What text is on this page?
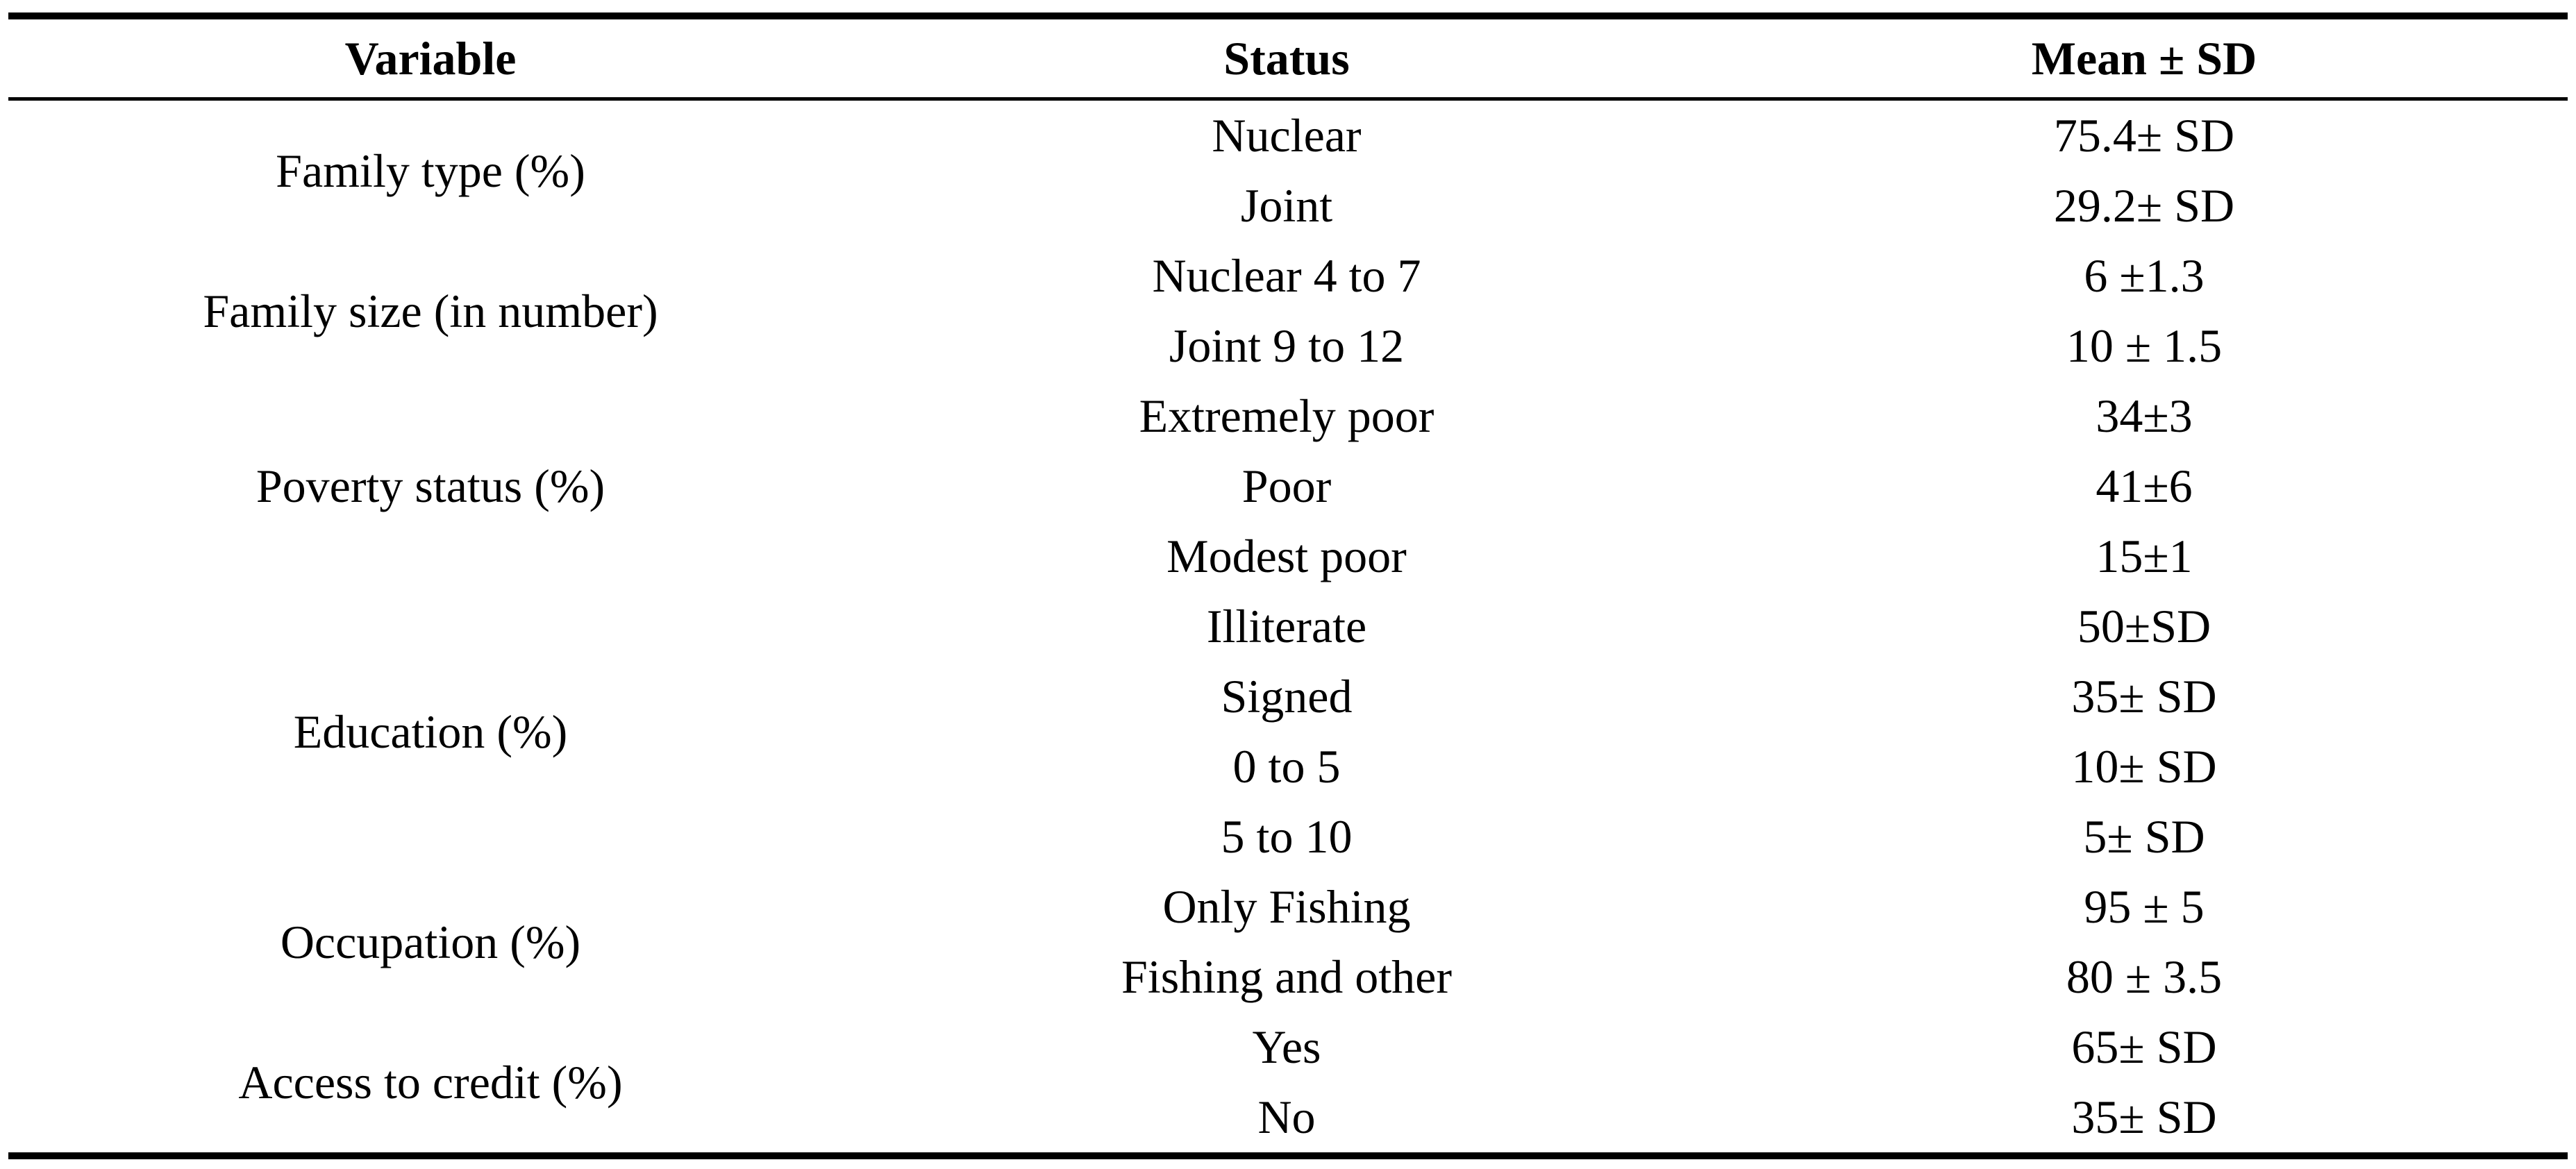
Variable	Status	Mean ± SD
Family type (%)	Nuclear	75.4± SD
	Joint	29.2± SD
Family size (in number)	Nuclear 4 to 7	6 ±1.3
	Joint 9 to 12	10 ± 1.5
Poverty status (%)	Extremely poor	34±3
	Poor	41±6
	Modest poor	15±1
Education (%)	Illiterate	50±SD
	Signed	35± SD
	0 to 5	10± SD
	5 to 10	5± SD
Occupation (%)	Only Fishing	95 ± 5
	Fishing and other	80 ± 3.5
Access to credit (%)	Yes	65± SD
	No	35± SD
